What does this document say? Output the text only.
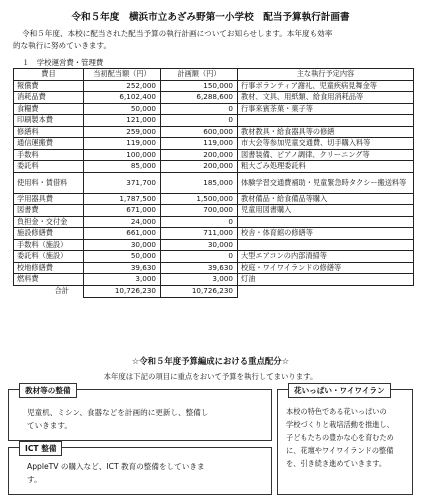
令和５年度　横浜市立あざみ野第一小学校　配当予算執行計画書
令和５年度、本校に配当された配当予算の執行計画についてお知らせします。本年度も効率
的な執行に努めていきます。
１　学校運営費・管理費
費目	当初配当額（円）	計画額（円）	主な執行予定内容
報償費	252,000	150,000	行事ボランティア謝礼、児童疾病見舞金等
消耗品費	6,102,400	6,288,600	教材、文具、用紙類、給食用消耗品等
食糧費	50,000	0	行事来賓茶菓・菓子等
印刷製本費	121,000	0	
修繕料	259,000	600,000	教材教具・給食器具等の修繕
通信運搬費	119,000	119,000	市大会等参加児童交通費、切手購入料等
手数料	100,000	200,000	図書装備、ピアノ調律、クリーニング等
委託料	85,000	200,000	粗大ごみ処理委託料
使用料・賃借料	371,700	185,000	体験学習交通費補助・児童緊急時タクシー搬送料等
学用器具費	1,787,500	1,500,000	教材備品・給食備品等購入
図書費	671,000	700,000	児童用図書購入
負担金・交付金	24,000	0	
施設修繕費	661,000	711,000	校舎・体育館の修繕等
手数料（施設）	30,000	30,000	
委託料（施設）	50,000	0	大型エアコンの内部清掃等
校地修繕費	39,630	39,630	校庭・ワイワイランドの修繕等
燃料費	3,000	3,000	灯油
合計	10,726,230	10,726,230	
☆令和５年度予算編成における重点配分☆
本年度は下記の項目に重点をおいて予算を執行してまいります。
教材等の整備
児童机、ミシン、食器などを計画的に更新し、整備し
ていきます。
ICT 整備
AppleTV の購入など、ICT 教育の整備をしていきま
す。
花いっぱい・ワイワイラン
本校の特色である花いっぱいの
学校づくりと栽培活動を推進し、
子どもたちの豊かな心を育むため
に、花壇やワイワイランドの整備
を、引き続き進めていきます。
